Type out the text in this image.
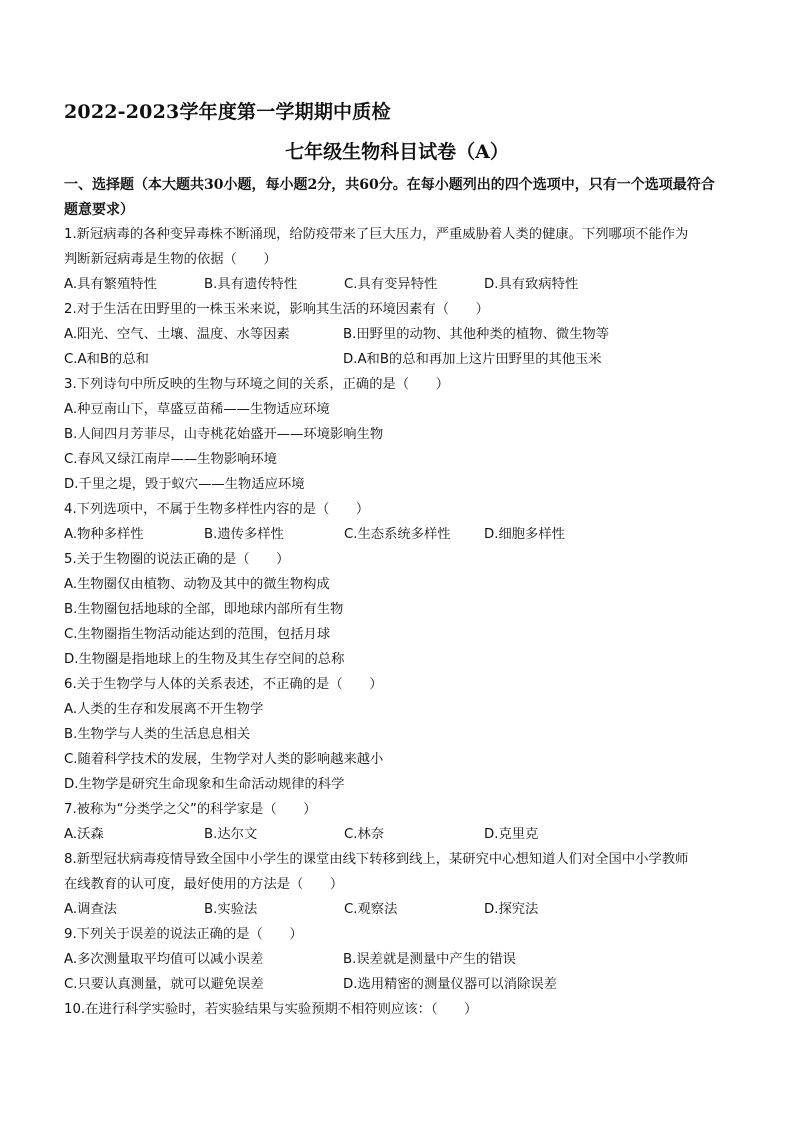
2022-2023学年度第一学期期中质检
七年级生物科目试卷（A）
一、选择题（本大题共30小题，每小题2分，共60分。在每小题列出的四个选项中，只有一个选项最符合
题意要求）
1.新冠病毒的各种变异毒株不断涌现，给防疫带来了巨大压力，严重威胁着人类的健康。下列哪项不能作为
判断新冠病毒是生物的依据（　　）
A.具有繁殖特性	B.具有遗传特性	C.具有变异特性	D.具有致病特性
2.对于生活在田野里的一株玉米来说，影响其生活的环境因素有（　　）
A.阳光、空气、土壤、温度、水等因素	B.田野里的动物、其他种类的植物、微生物等
C.A和B的总和	D.A和B的总和再加上这片田野里的其他玉米
3.下列诗句中所反映的生物与环境之间的关系，正确的是（　　）
A.种豆南山下，草盛豆苗稀——生物适应环境
B.人间四月芳菲尽，山寺桃花始盛开——环境影响生物
C.春风又绿江南岸——生物影响环境
D.千里之堤，毁于蚁穴——生物适应环境
4.下列选项中，不属于生物多样性内容的是（　　）
A.物种多样性	B.遗传多样性	C.生态系统多样性	D.细胞多样性
5.关于生物圈的说法正确的是（　　）
A.生物圈仅由植物、动物及其中的微生物构成
B.生物圈包括地球的全部，即地球内部所有生物
C.生物圈指生物活动能达到的范围，包括月球
D.生物圈是指地球上的生物及其生存空间的总称
6.关于生物学与人体的关系表述，不正确的是（　　）
A.人类的生存和发展离不开生物学
B.生物学与人类的生活息息相关
C.随着科学技术的发展，生物学对人类的影响越来越小
D.生物学是研究生命现象和生命活动规律的科学
7.被称为“分类学之父”的科学家是（　　）
A.沃森	B.达尔文	C.林奈	D.克里克
8.新型冠状病毒疫情导致全国中小学生的课堂由线下转移到线上，某研究中心想知道人们对全国中小学教师
在线教育的认可度，最好使用的方法是（　　）
A.调查法	B.实验法	C.观察法	D.探究法
9.下列关于误差的说法正确的是（　　）
A.多次测量取平均值可以减小误差	B.误差就是测量中产生的错误
C.只要认真测量，就可以避免误差	D.选用精密的测量仪器可以消除误差
10.在进行科学实验时，若实验结果与实验预期不相符则应该：（　　）
